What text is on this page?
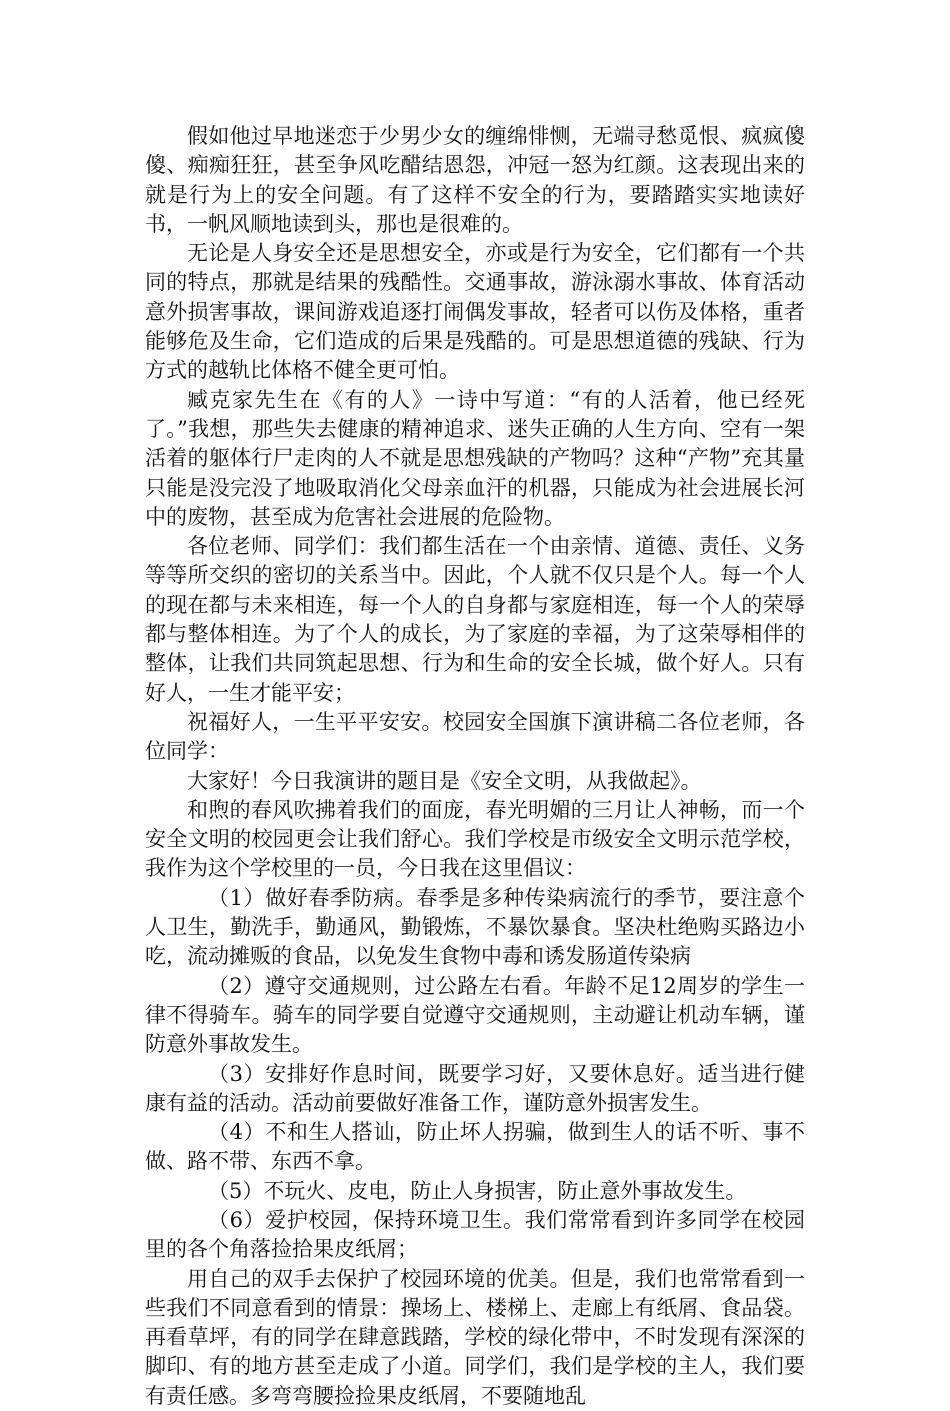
假如他过早地迷恋于少男少女的缠绵悱恻，无端寻愁觅恨、疯疯傻傻、痴痴狂狂，甚至争风吃醋结恩怨，冲冠一怒为红颜。这表现出来的就是行为上的安全问题。有了这样不安全的行为，要踏踏实实地读好书，一帆风顺地读到头，那也是很难的。

无论是人身安全还是思想安全，亦或是行为安全，它们都有一个共同的特点，那就是结果的残酷性。交通事故，游泳溺水事故、体育活动意外损害事故，课间游戏追逐打闹偶发事故，轻者可以伤及体格，重者能够危及生命，它们造成的后果是残酷的。可是思想道德的残缺、行为方式的越轨比体格不健全更可怕。

臧克家先生在《有的人》一诗中写道：“有的人活着，他已经死了。”我想，那些失去健康的精神追求、迷失正确的人生方向、空有一架活着的躯体行尸走肉的人不就是思想残缺的产物吗？这种“产物”充其量只能是没完没了地吸取消化父母亲血汗的机器，只能成为社会进展长河中的废物，甚至成为危害社会进展的危险物。

各位老师、同学们：我们都生活在一个由亲情、道德、责任、义务等等所交织的密切的关系当中。因此，个人就不仅只是个人。每一个人的现在都与未来相连，每一个人的自身都与家庭相连，每一个人的荣辱都与整体相连。为了个人的成长，为了家庭的幸福，为了这荣辱相伴的整体，让我们共同筑起思想、行为和生命的安全长城，做个好人。只有好人，一生才能平安；

祝福好人，一生平平安安。校园安全国旗下演讲稿二各位老师，各位同学：

大家好！今日我演讲的题目是《安全文明，从我做起》。

和煦的春风吹拂着我们的面庞，春光明媚的三月让人神畅，而一个安全文明的校园更会让我们舒心。我们学校是市级安全文明示范学校，我作为这个学校里的一员，今日我在这里倡议：

（1）做好春季防病。春季是多种传染病流行的季节，要注意个人卫生，勤洗手，勤通风，勤锻炼，不暴饮暴食。坚决杜绝购买路边小吃，流动摊贩的食品，以免发生食物中毒和诱发肠道传染病

（2）遵守交通规则，过公路左右看。年龄不足12周岁的学生一律不得骑车。骑车的同学要自觉遵守交通规则，主动避让机动车辆，谨防意外事故发生。

（3）安排好作息时间，既要学习好，又要休息好。适当进行健康有益的活动。活动前要做好准备工作，谨防意外损害发生。

（4）不和生人搭讪，防止坏人拐骗，做到生人的话不听、事不做、路不带、东西不拿。

（5）不玩火、皮电，防止人身损害，防止意外事故发生。

（6）爱护校园，保持环境卫生。我们常常看到许多同学在校园里的各个角落捡拾果皮纸屑；

用自己的双手去保护了校园环境的优美。但是，我们也常常看到一些我们不同意看到的情景：操场上、楼梯上、走廊上有纸屑、食品袋。再看草坪，有的同学在肆意践踏，学校的绿化带中，不时发现有深深的脚印、有的地方甚至走成了小道。同学们，我们是学校的主人，我们要有责任感。多弯弯腰捡捡果皮纸屑，不要随地乱
